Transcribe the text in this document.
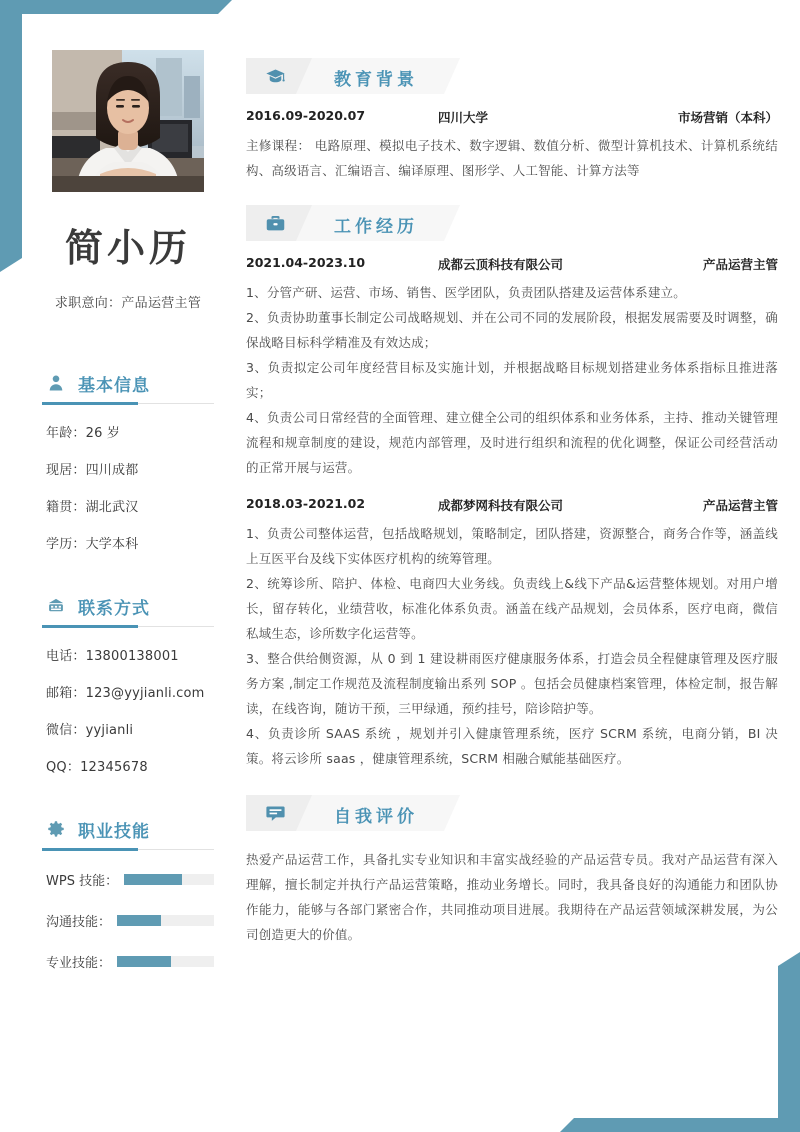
简小历
求职意向：产品运营主管
基本信息
年龄：26 岁
现居：四川成都
籍贯：湖北武汉
学历：大学本科
联系方式
电话：13800138001
邮箱：123@yyjianli.com
微信：yyjianli
QQ：12345678
职业技能
WPS 技能：
沟通技能：
专业技能：
教育背景
2016.09-2020.07	四川大学	市场营销（本科）
主修课程： 电路原理、模拟电子技术、数字逻辑、数值分析、微型计算机技术、计算机系统结构、高级语言、汇编语言、编译原理、图形学、人工智能、计算方法等
工作经历
2021.04-2023.10	成都云顶科技有限公司	产品运营主管

1、分管产研、运营、市场、销售、医学团队，负责团队搭建及运营体系建立。

2、负责协助董事长制定公司战略规划、并在公司不同的发展阶段，根据发展需要及时调整，确保战略目标科学精准及有效达成；

3、负责拟定公司年度经营目标及实施计划，并根据战略目标规划搭建业务体系指标且推进落实；

4、负责公司日常经营的全面管理、建立健全公司的组织体系和业务体系，主持、推动关键管理流程和规章制度的建设，规范内部管理，及时进行组织和流程的优化调整，保证公司经营活动的正常开展与运营。

2018.03-2021.02	成都梦网科技有限公司	产品运营主管

1、负责公司整体运营，包括战略规划，策略制定，团队搭建，资源整合，商务合作等，涵盖线上互医平台及线下实体医疗机构的统筹管理。

2、统筹诊所、陪护、体检、电商四大业务线。负责线上&线下产品&运营整体规划。对用户增长，留存转化，业绩营收，标准化体系负责。涵盖在线产品规划，会员体系，医疗电商，微信私域生态，诊所数字化运营等。

3、整合供给侧资源，从 0 到 1 建设耕雨医疗健康服务体系，打造会员全程健康管理及医疗服务方案 ,制定工作规范及流程制度输出系列 SOP 。包括会员健康档案管理，体检定制，报告解读，在线咨询，随访干预，三甲绿通，预约挂号，陪诊陪护等。

4、负责诊所 SAAS 系统 ，规划并引入健康管理系统，医疗 SCRM 系统，电商分销，BI 决策。将云诊所 saas ，健康管理系统，SCRM 相融合赋能基础医疗。

自我评价
热爱产品运营工作，具备扎实专业知识和丰富实战经验的产品运营专员。我对产品运营有深入理解，擅长制定并执行产品运营策略，推动业务增长。同时，我具备良好的沟通能力和团队协作能力，能够与各部门紧密合作，共同推动项目进展。我期待在产品运营领域深耕发展，为公司创造更大的价值。
